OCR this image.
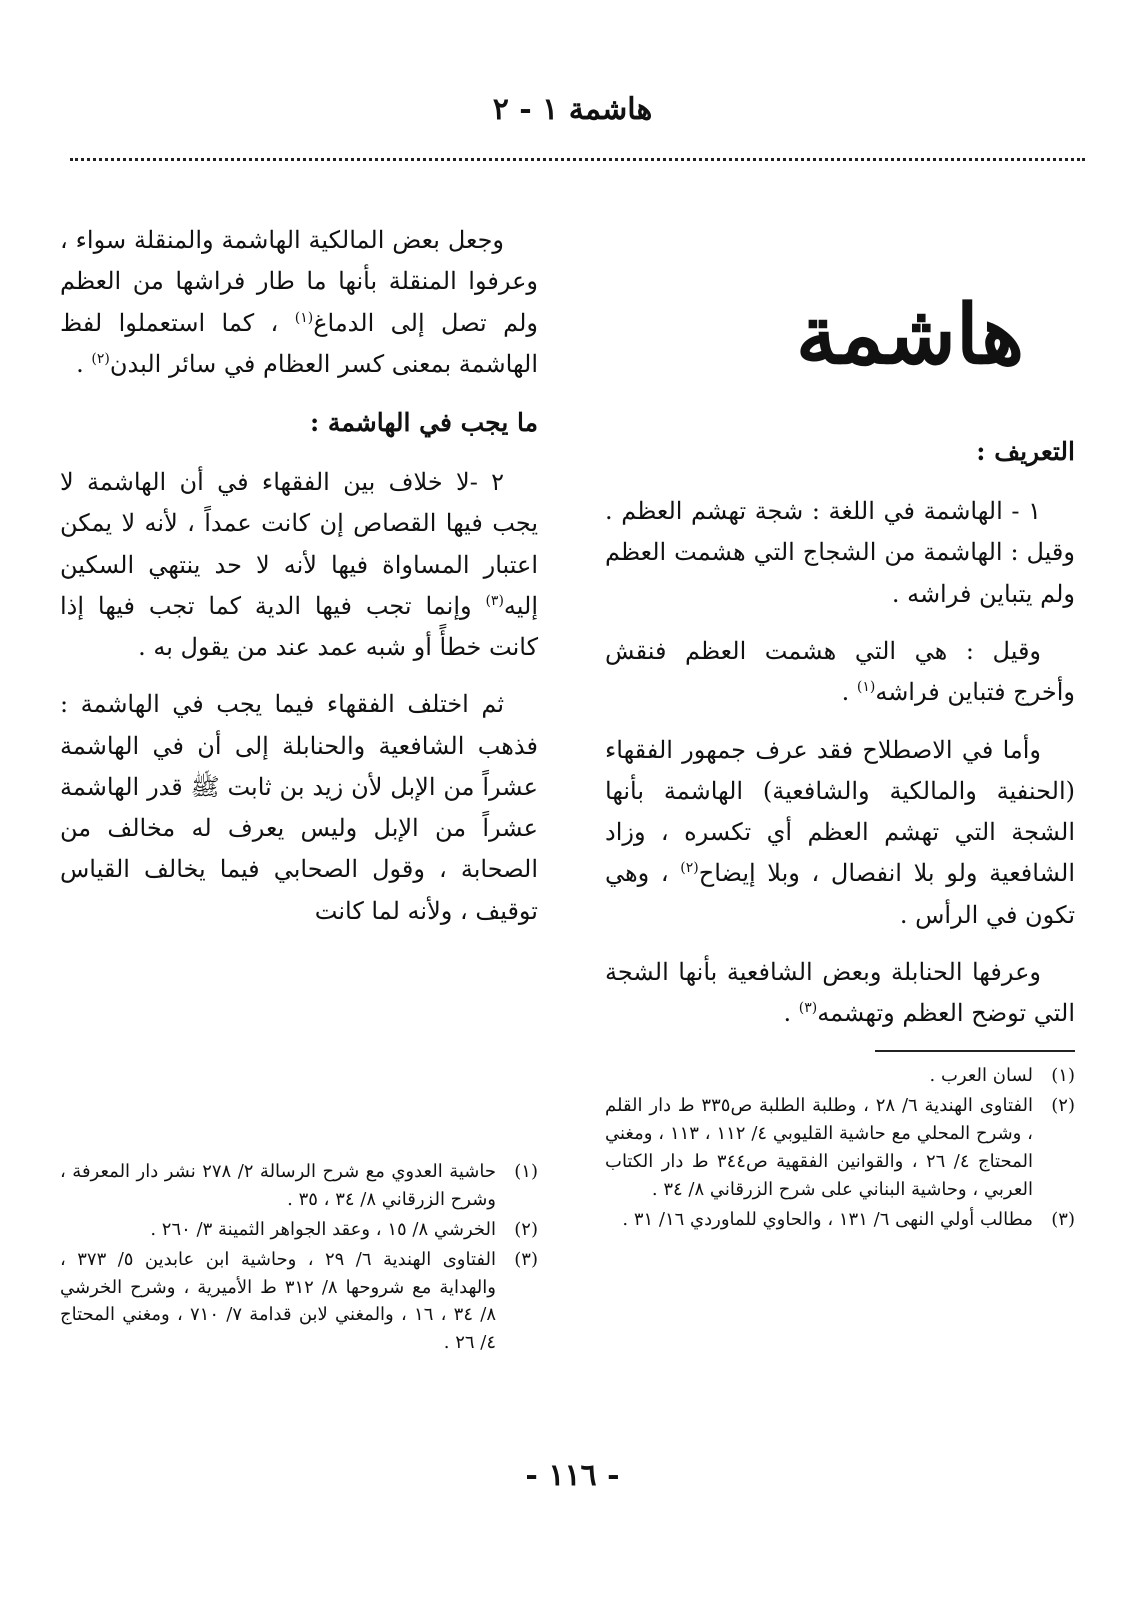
هاشمة ١ - ٢
هاشمة
التعريف :

١ - الهاشمة في اللغة : شجة تهشم العظم . وقيل : الهاشمة من الشجاج التي هشمت العظم ولم يتباين فراشه .

وقيل : هي التي هشمت العظم فنقش وأخرج فتباين فراشه$^{(١)}$ .

وأما في الاصطلاح فقد عرف جمهور الفقهاء (الحنفية والمالكية والشافعية) الهاشمة بأنها الشجة التي تهشم العظم أي تكسره ، وزاد الشافعية ولو بلا انفصال ، وبلا إيضاح$^{(٢)}$ ، وهي تكون في الرأس .

وعرفها الحنابلة وبعض الشافعية بأنها الشجة التي توضح العظم وتهشمه$^{(٣)}$ .

(١)
لسان العرب .
(٢)
الفتاوى الهندية ٦/ ٢٨ ، وطلبة الطلبة ص٣٣٥ ط دار القلم ، وشرح المحلي مع حاشية القليوبي ٤/ ١١٢ ، ١١٣ ، ومغني المحتاج ٤/ ٢٦ ، والقوانين الفقهية ص٣٤٤ ط دار الكتاب العربي ، وحاشية البناني على شرح الزرقاني ٨/ ٣٤ .
(٣)
مطالب أولي النهى ٦/ ١٣١ ، والحاوي للماوردي ١٦/ ٣١ .

وجعل بعض المالكية الهاشمة والمنقلة سواء ، وعرفوا المنقلة بأنها ما طار فراشها من العظم ولم تصل إلى الدماغ$^{(١)}$ ، كما استعملوا لفظ الهاشمة بمعنى كسر العظام في سائر البدن$^{(٢)}$ .

ما يجب في الهاشمة :

٢ -لا خلاف بين الفقهاء في أن الهاشمة لا يجب فيها القصاص إن كانت عمداً ، لأنه لا يمكن اعتبار المساواة فيها لأنه لا حد ينتهي السكين إليه$^{(٣)}$ وإنما تجب فيها الدية كما تجب فيها إذا كانت خطأً أو شبه عمد عند من يقول به .

ثم اختلف الفقهاء فيما يجب في الهاشمة : فذهب الشافعية والحنابلة إلى أن في الهاشمة عشراً من الإبل لأن زيد بن ثابت ﷺ قدر الهاشمة عشراً من الإبل وليس يعرف له مخالف من الصحابة ، وقول الصحابي فيما يخالف القياس توقيف ، ولأنه لما كانت

(١)
حاشية العدوي مع شرح الرسالة ٢/ ٢٧٨ نشر دار المعرفة ، وشرح الزرقاني ٨/ ٣٤ ، ٣٥ .
(٢)
الخرشي ٨/ ١٥ ، وعقد الجواهر الثمينة ٣/ ٢٦٠ .
(٣)
الفتاوى الهندية ٦/ ٢٩ ، وحاشية ابن عابدين ٥/ ٣٧٣ ، والهداية مع شروحها ٨/ ٣١٢ ط الأميرية ، وشرح الخرشي ٨/ ٣٤ ، ١٦ ، والمغني لابن قدامة ٧/ ٧١٠ ، ومغني المحتاج ٤/ ٢٦ .
- ١١٦ -
